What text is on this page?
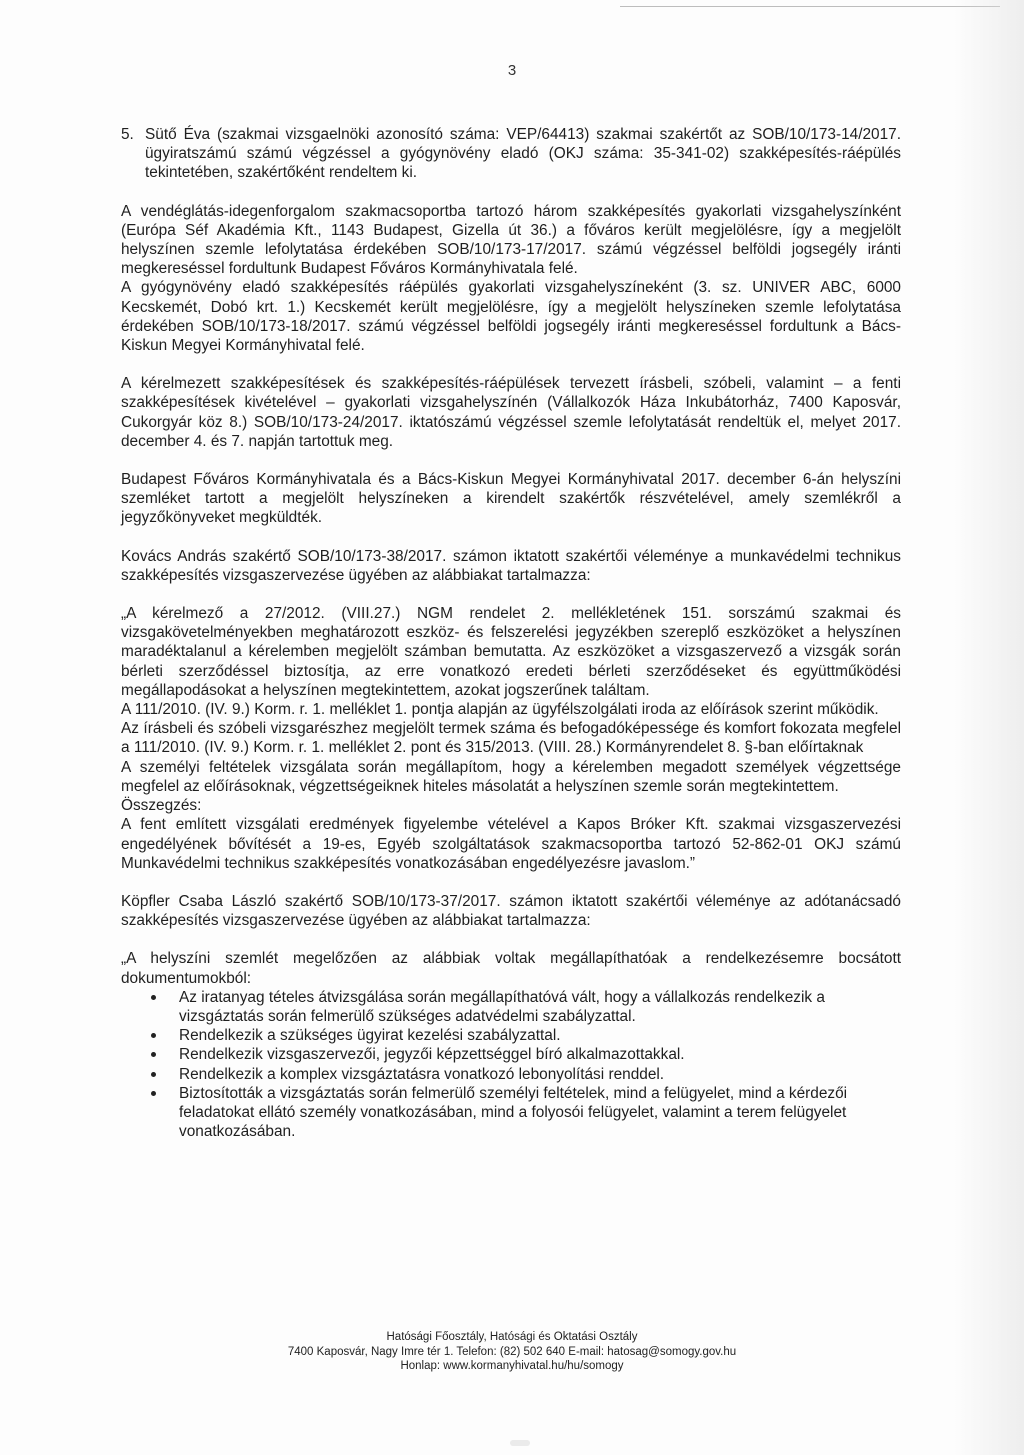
3
5. Sütő Éva (szakmai vizsgaelnöki azonosító száma: VEP/64413) szakmai szakértőt az SOB/10/173-14/2017. ügyiratszámú számú végzéssel a gyógynövény eladó (OKJ száma: 35-341-02) szakképesítés-ráépülés tekintetében, szakértőként rendeltem ki.

A vendéglátás-idegenforgalom szakmacsoportba tartozó három szakképesítés gyakorlati vizsgahelyszínként (Európa Séf Akadémia Kft., 1143 Budapest, Gizella út 36.) a főváros került megjelölésre, így a megjelölt helyszínen szemle lefolytatása érdekében SOB/10/173-17/2017. számú végzéssel belföldi jogsegély iránti megkereséssel fordultunk Budapest Főváros Kormányhivatala felé.

A gyógynövény eladó szakképesítés ráépülés gyakorlati vizsgahelyszíneként (3. sz. UNIVER ABC, 6000 Kecskemét, Dobó krt. 1.) Kecskemét került megjelölésre, így a megjelölt helyszíneken szemle lefolytatása érdekében SOB/10/173-18/2017. számú végzéssel belföldi jogsegély iránti megkereséssel fordultunk a Bács-Kiskun Megyei Kormányhivatal felé.

A kérelmezett szakképesítések és szakképesítés-ráépülések tervezett írásbeli, szóbeli, valamint – a fenti szakképesítések kivételével – gyakorlati vizsgahelyszínén (Vállalkozók Háza Inkubátorház, 7400 Kaposvár, Cukorgyár köz 8.) SOB/10/173-24/2017. iktatószámú végzéssel szemle lefolytatását rendeltük el, melyet 2017. december 4. és 7. napján tartottuk meg.

Budapest Főváros Kormányhivatala és a Bács-Kiskun Megyei Kormányhivatal 2017. december 6-án helyszíni szemléket tartott a megjelölt helyszíneken a kirendelt szakértők részvételével, amely szemlékről a jegyzőkönyveket megküldték.

Kovács András szakértő SOB/10/173-38/2017. számon iktatott szakértői véleménye a munkavédelmi technikus szakképesítés vizsgaszervezése ügyében az alábbiakat tartalmazza:

„A kérelmező a 27/2012. (VIII.27.) NGM rendelet 2. mellékletének 151. sorszámú szakmai és vizsgakövetelményekben meghatározott eszköz- és felszerelési jegyzékben szereplő eszközöket a helyszínen maradéktalanul a kérelemben megjelölt számban bemutatta. Az eszközöket a vizsgaszervező a vizsgák során bérleti szerződéssel biztosítja, az erre vonatkozó eredeti bérleti szerződéseket és együttműködési megállapodásokat a helyszínen megtekintettem, azokat jogszerűnek találtam.

A 111/2010. (IV. 9.) Korm. r. 1. melléklet 1. pontja alapján az ügyfélszolgálati iroda az előírások szerint működik.

Az írásbeli és szóbeli vizsgarészhez megjelölt termek száma és befogadóképessége és komfort fokozata megfelel a 111/2010. (IV. 9.) Korm. r. 1. melléklet 2. pont és 315/2013. (VIII. 28.) Kormányrendelet 8. §-ban előírtaknak

A személyi feltételek vizsgálata során megállapítom, hogy a kérelemben megadott személyek végzettsége megfelel az előírásoknak, végzettségeiknek hiteles másolatát a helyszínen szemle során megtekintettem.

Összegzés:

A fent említett vizsgálati eredmények figyelembe vételével a Kapos Bróker Kft. szakmai vizsgaszervezési engedélyének bővítését a 19-es, Egyéb szolgáltatások szakmacsoportba tartozó 52-862-01 OKJ számú Munkavédelmi technikus szakképesítés vonatkozásában engedélyezésre javaslom.”

Köpfler Csaba László szakértő SOB/10/173-37/2017. számon iktatott szakértői véleménye az adótanácsadó szakképesítés vizsgaszervezése ügyében az alábbiakat tartalmazza:

„A helyszíni szemlét megelőzően az alábbiak voltak megállapíthatóak a rendelkezésemre bocsátott dokumentumokból:

Az iratanyag tételes átvizsgálása során megállapíthatóvá vált, hogy a vállalkozás rendelkezik a vizsgáztatás során felmerülő szükséges adatvédelmi szabályzattal.
Rendelkezik a szükséges ügyirat kezelési szabályzattal.
Rendelkezik vizsgaszervezői, jegyzői képzettséggel bíró alkalmazottakkal.
Rendelkezik a komplex vizsgáztatásra vonatkozó lebonyolítási renddel.
Biztosították a vizsgáztatás során felmerülő személyi feltételek, mind a felügyelet, mind a kérdezői feladatokat ellátó személy vonatkozásában, mind a folyosói felügyelet, valamint a terem felügyelet vonatkozásában.
Hatósági Főosztály, Hatósági és Oktatási Osztály
7400 Kaposvár, Nagy Imre tér 1. Telefon: (82) 502 640 E-mail: hatosag@somogy.gov.hu
Honlap: www.kormanyhivatal.hu/hu/somogy
